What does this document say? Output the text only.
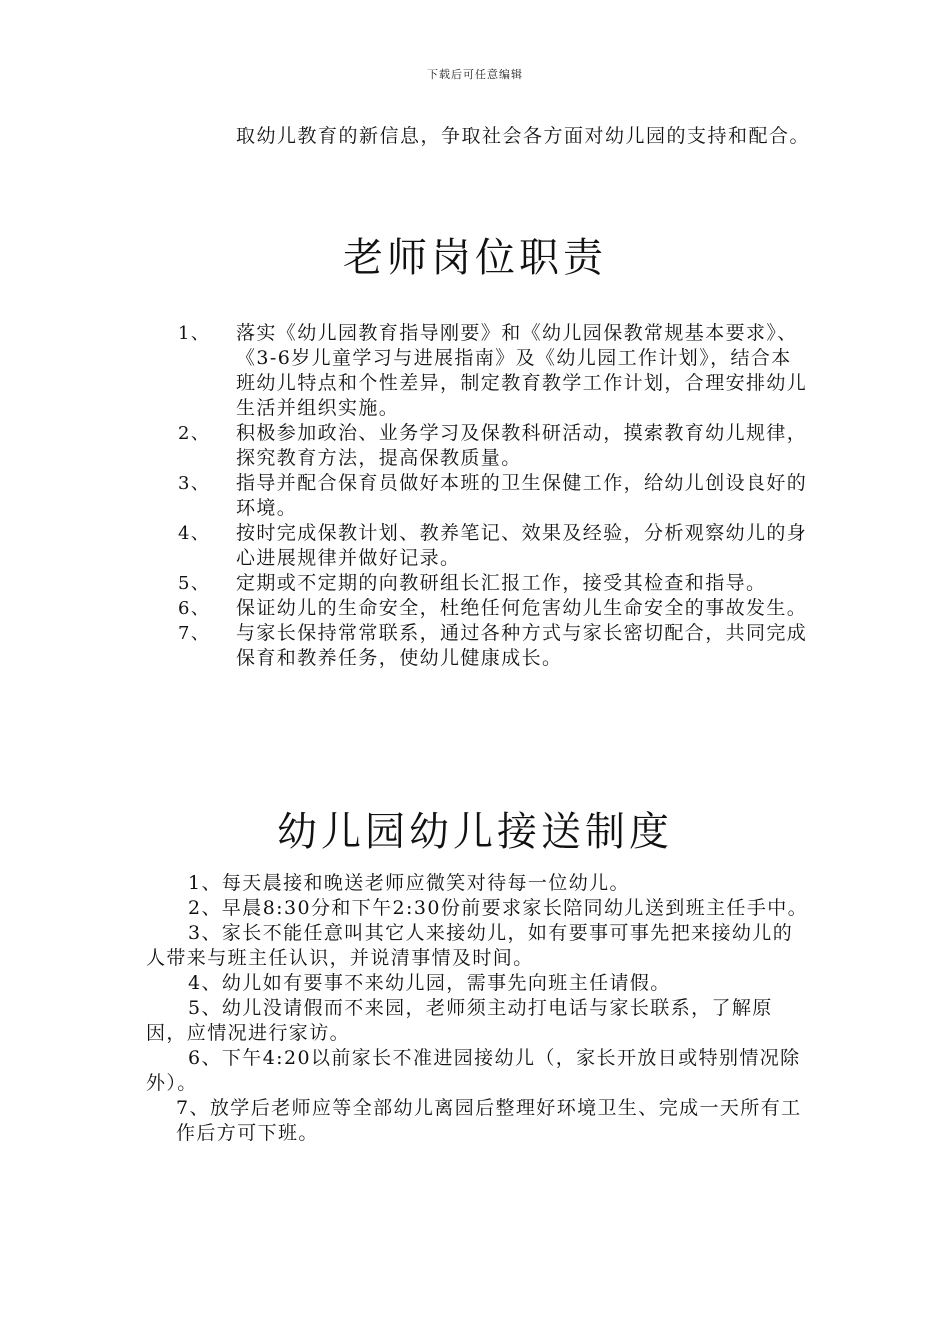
下载后可任意编辑
取幼儿教育的新信息，争取社会各方面对幼儿园的支持和配合。
老师岗位职责
1、 落实《幼儿园教育指导刚要》和《幼儿园保教常规基本要求》、《3-6岁儿童学习与进展指南》及《幼儿园工作计划》，结合本班幼儿特点和个性差异，制定教育教学工作计划，合理安排幼儿生活并组织实施。
2、 积极参加政治、业务学习及保教科研活动，摸索教育幼儿规律，探究教育方法，提高保教质量。
3、 指导并配合保育员做好本班的卫生保健工作，给幼儿创设良好的环境。
4、 按时完成保教计划、教养笔记、效果及经验，分析观察幼儿的身心进展规律并做好记录。
5、 定期或不定期的向教研组长汇报工作，接受其检查和指导。
6、 保证幼儿的生命安全，杜绝任何危害幼儿生命安全的事故发生。
7、 与家长保持常常联系，通过各种方式与家长密切配合，共同完成保育和教养任务，使幼儿健康成长。
幼儿园幼儿接送制度

1、每天晨接和晚送老师应微笑对待每一位幼儿。

2、早晨8:30分和下午2:30份前要求家长陪同幼儿送到班主任手中。

3、家长不能任意叫其它人来接幼儿，如有要事可事先把来接幼儿的人带来与班主任认识，并说清事情及时间。

4、幼儿如有要事不来幼儿园，需事先向班主任请假。

5、幼儿没请假而不来园，老师须主动打电话与家长联系，了解原因，应情况进行家访。

6、下午4:20以前家长不准进园接幼儿（，家长开放日或特别情况除外）。

7、放学后老师应等全部幼儿离园后整理好环境卫生、完成一天所有工作后方可下班。
